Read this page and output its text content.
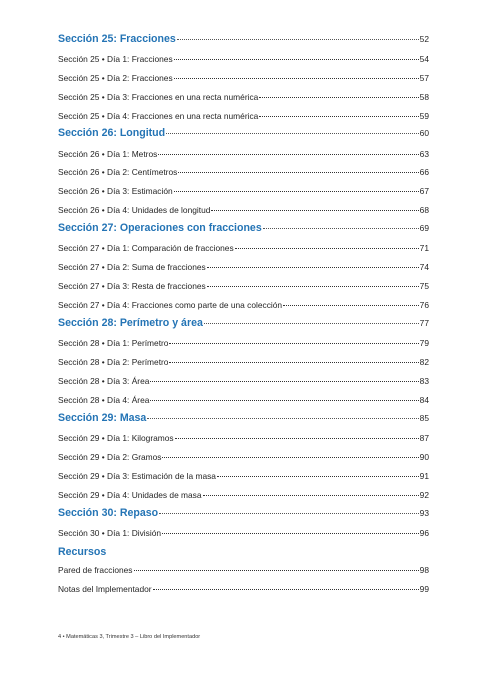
Sección 25: Fracciones	52
Sección 25 • Día 1: Fracciones	54
Sección 25 • Día 2: Fracciones	57
Sección 25 • Día 3: Fracciones en una recta numérica	58
Sección 25 • Día 4: Fracciones en una recta numérica	59
Sección 26: Longitud	60
Sección 26 • Día 1: Metros	63
Sección 26 • Día 2: Centímetros	66
Sección 26 • Día 3: Estimación	67
Sección 26 • Día 4: Unidades de longitud	68
Sección 27: Operaciones con fracciones	69
Sección 27 • Día 1: Comparación de fracciones	71
Sección 27 • Día 2: Suma de fracciones	74
Sección 27 • Día 3: Resta de fracciones	75
Sección 27 • Día 4: Fracciones como parte de una colección	76
Sección 28: Perímetro y área	77
Sección 28 • Día 1: Perímetro	79
Sección 28 • Día 2: Perímetro	82
Sección 28 • Día 3: Área	83
Sección 28 • Día 4: Área	84
Sección 29: Masa	85
Sección 29 • Día 1: Kilogramos	87
Sección 29 • Día 2: Gramos	90
Sección 29 • Día 3: Estimación de la masa	91
Sección 29 • Día 4: Unidades de masa	92
Sección 30: Repaso	93
Sección 30 • Día 1: División	96
Recursos
Pared de fracciones	98
Notas del Implementador	99
4 • Matemáticas 3, Trimestre 3 – Libro del Implementador
